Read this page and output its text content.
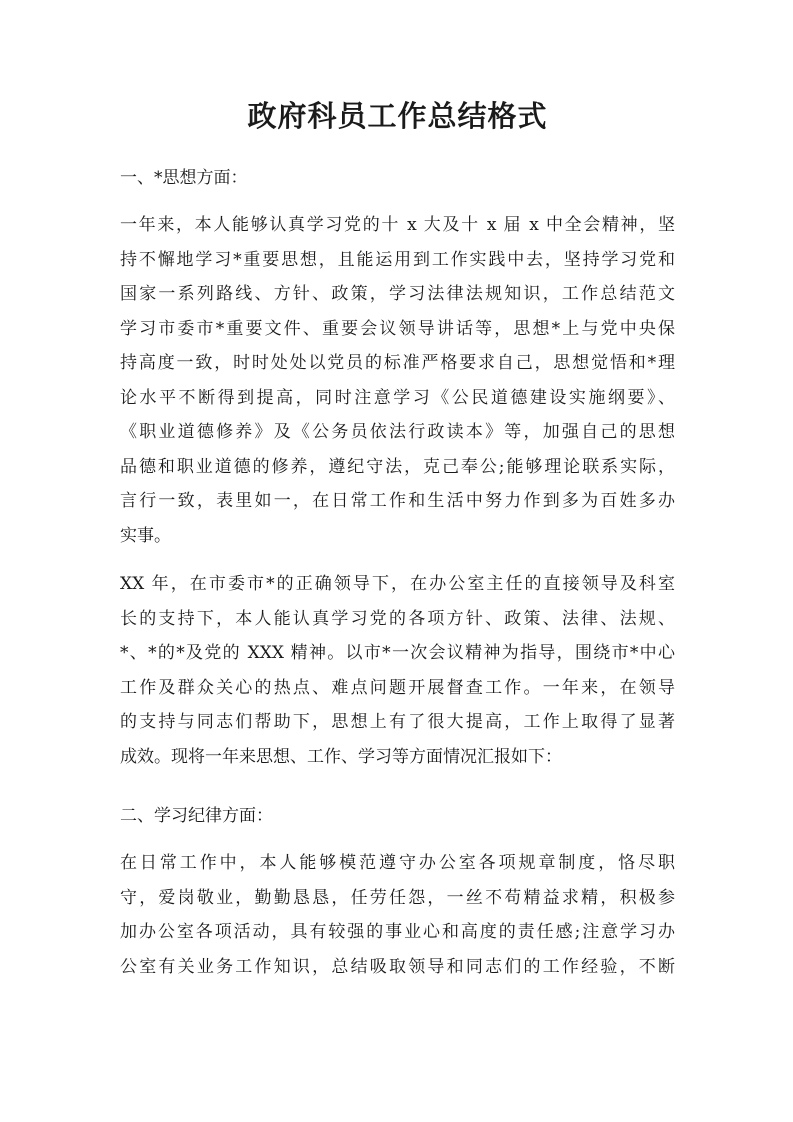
政府科员工作总结格式
一、*思想方面：
一年来，本人能够认真学习党的十 x 大及十 x 届 x 中全会精神，坚
持不懈地学习*重要思想，且能运用到工作实践中去，坚持学习党和
国家一系列路线、方针、政策，学习法律法规知识，工作总结范文
学习市委市*重要文件、重要会议领导讲话等，思想*上与党中央保
持高度一致，时时处处以党员的标准严格要求自己，思想觉悟和*理
论水平不断得到提高，同时注意学习《公民道德建设实施纲要》、
《职业道德修养》及《公务员依法行政读本》等，加强自己的思想
品德和职业道德的修养，遵纪守法，克己奉公;能够理论联系实际，
言行一致，表里如一，在日常工作和生活中努力作到多为百姓多办
实事。
XX 年，在市委市*的正确领导下，在办公室主任的直接领导及科室
长的支持下，本人能认真学习党的各项方针、政策、法律、法规、
*、*的*及党的 XXX 精神。以市*一次会议精神为指导，围绕市*中心
工作及群众关心的热点、难点问题开展督查工作。一年来，在领导
的支持与同志们帮助下，思想上有了很大提高，工作上取得了显著
成效。现将一年来思想、工作、学习等方面情况汇报如下：
二、学习纪律方面：
在日常工作中，本人能够模范遵守办公室各项规章制度，恪尽职
守，爱岗敬业，勤勤恳恳，任劳任怨，一丝不苟精益求精，积极参
加办公室各项活动，具有较强的事业心和高度的责任感;注意学习办
公室有关业务工作知识，总结吸取领导和同志们的工作经验，不断
